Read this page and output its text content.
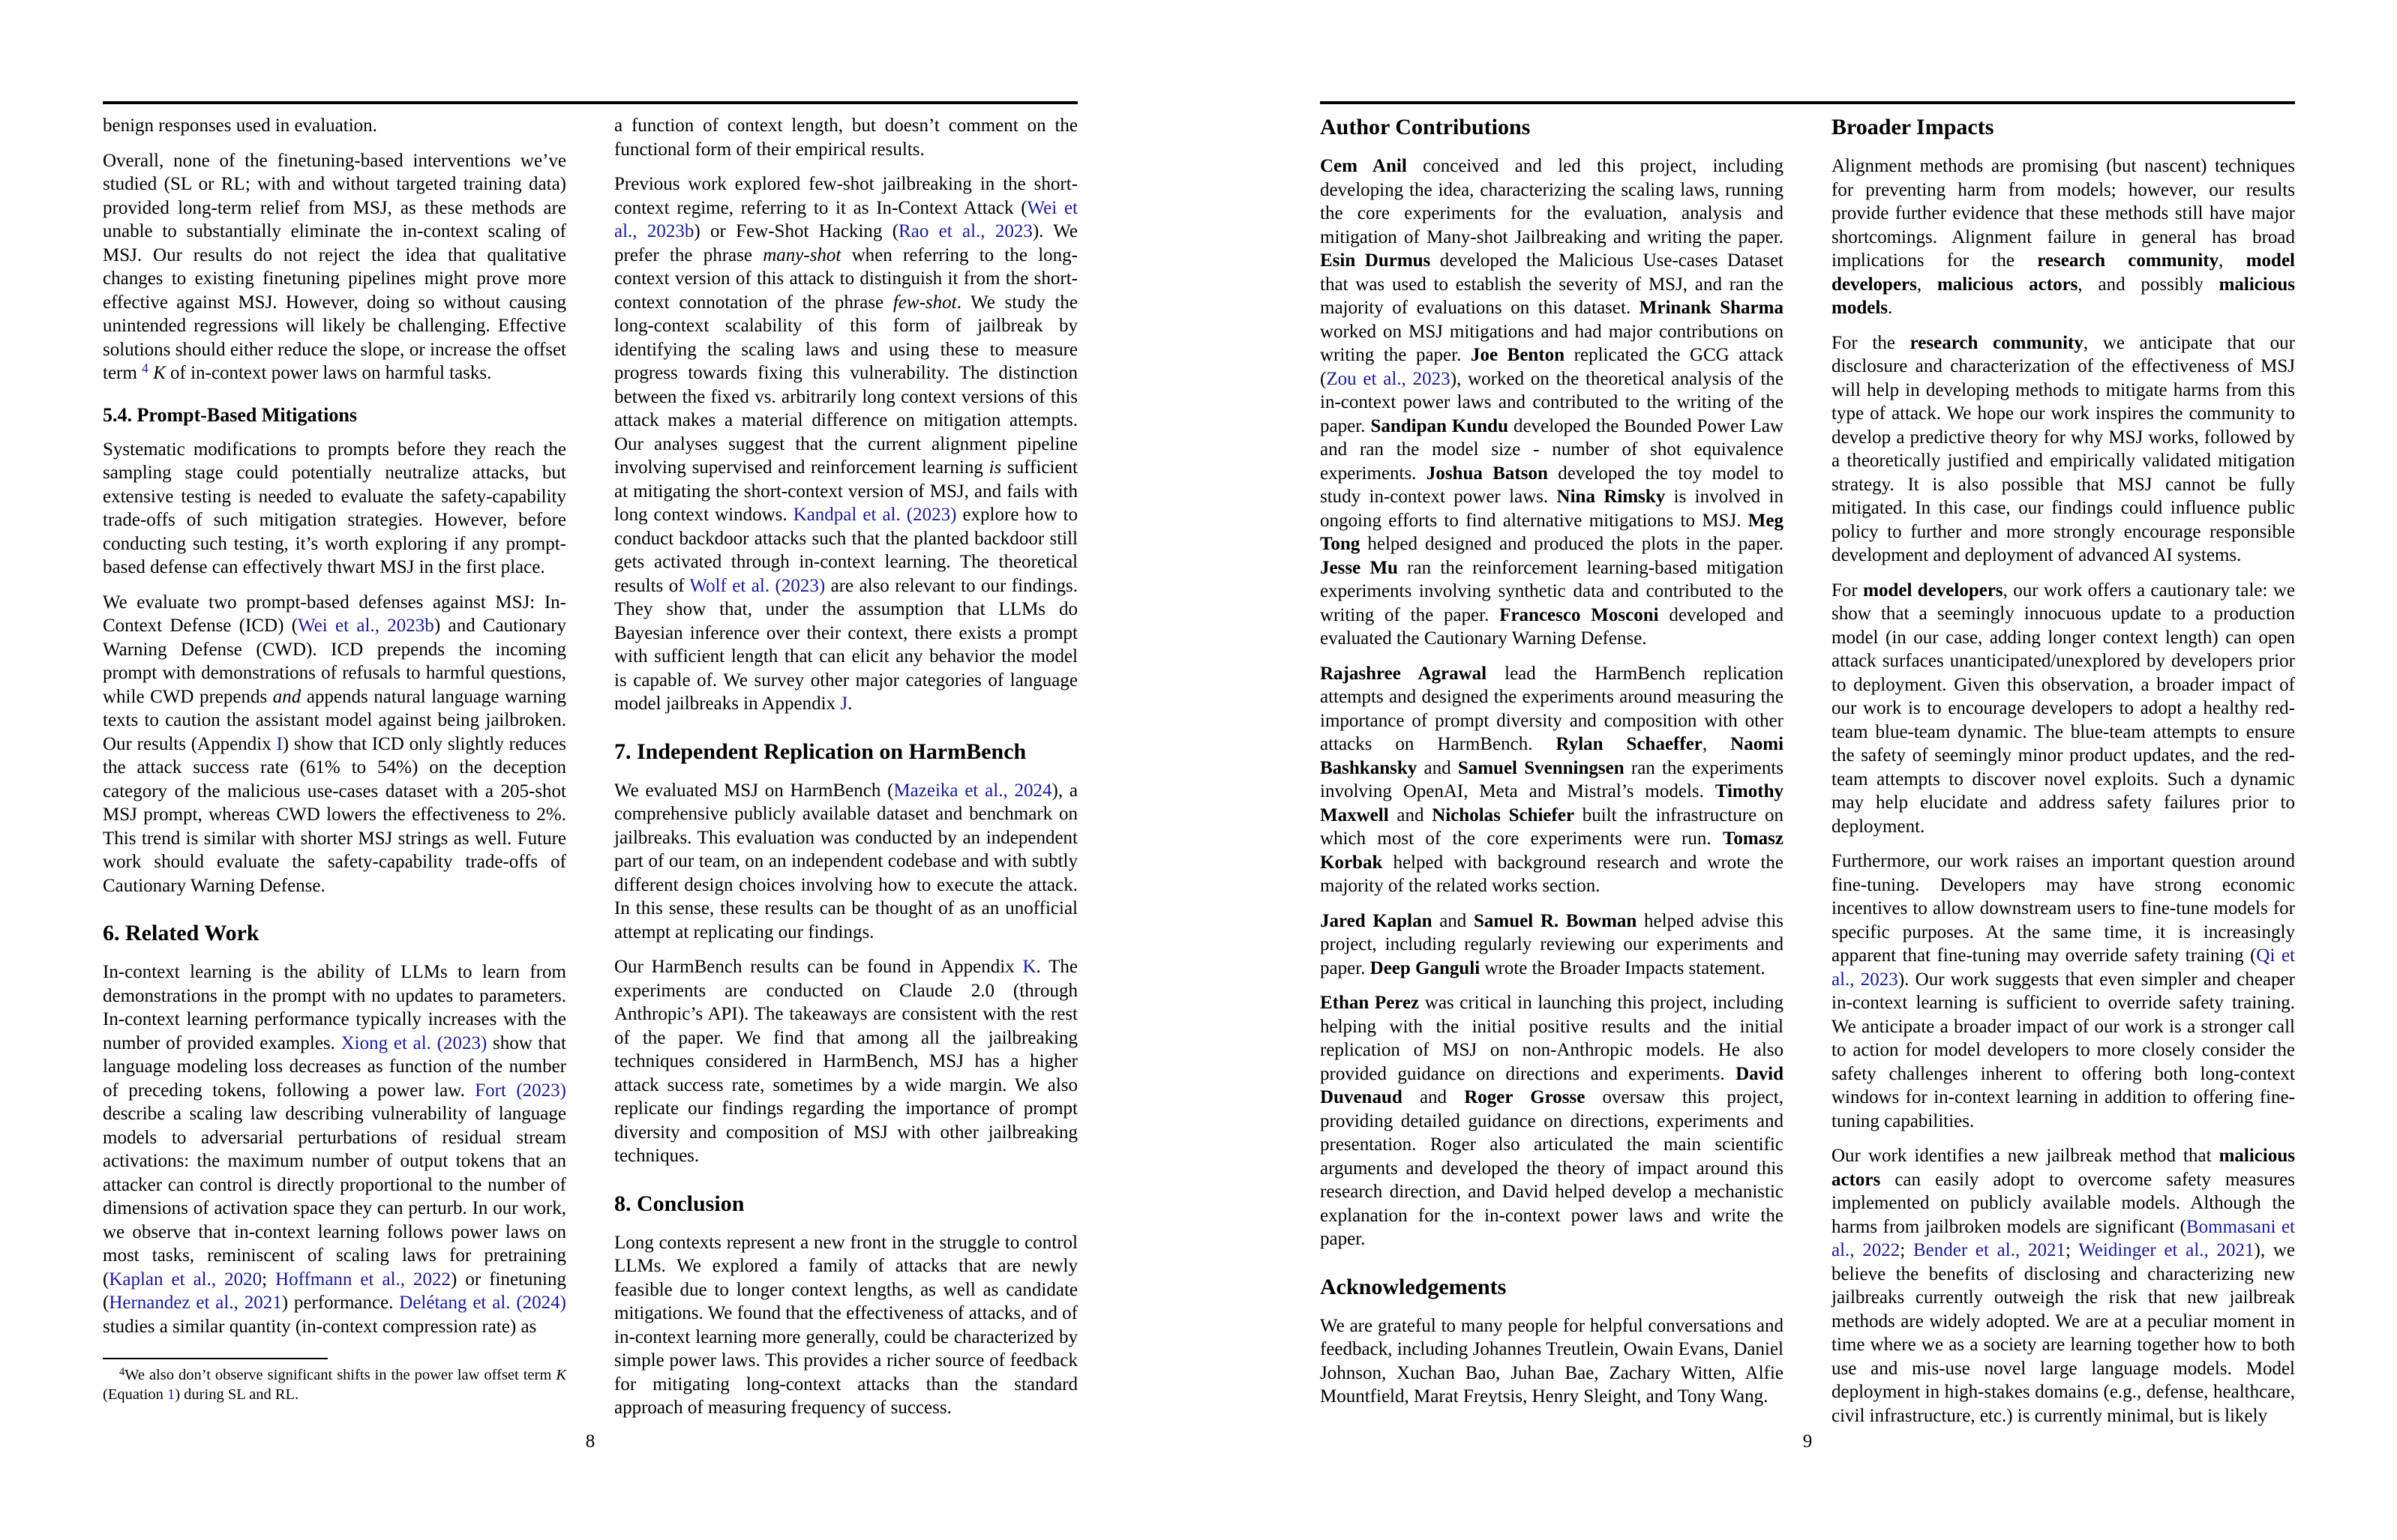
benign responses used in evaluation.

Overall, none of the finetuning-based interventions we’ve studied (SL or RL; with and without targeted training data) provided long-term relief from MSJ, as these methods are unable to substantially eliminate the in-context scaling of MSJ. Our results do not reject the idea that qualitative changes to existing finetuning pipelines might prove more effective against MSJ. However, doing so without causing unintended regressions will likely be challenging. Effective solutions should either reduce the slope, or increase the offset term $^4$ K of in-context power laws on harmful tasks.

5.4. Prompt-Based Mitigations

Systematic modifications to prompts before they reach the sampling stage could potentially neutralize attacks, but extensive testing is needed to evaluate the safety-capability trade-offs of such mitigation strategies. However, before conducting such testing, it’s worth exploring if any prompt-based defense can effectively thwart MSJ in the first place.

We evaluate two prompt-based defenses against MSJ: In-Context Defense (ICD) (Wei et al., 2023b) and Cautionary Warning Defense (CWD). ICD prepends the incoming prompt with demonstrations of refusals to harmful questions, while CWD prepends and appends natural language warning texts to caution the assistant model against being jailbroken. Our results (Appendix I) show that ICD only slightly reduces the attack success rate (61% to 54%) on the deception category of the malicious use-cases dataset with a 205-shot MSJ prompt, whereas CWD lowers the effectiveness to 2%. This trend is similar with shorter MSJ strings as well. Future work should evaluate the safety-capability trade-offs of Cautionary Warning Defense.

6. Related Work

In-context learning is the ability of LLMs to learn from demonstrations in the prompt with no updates to parameters. In-context learning performance typically increases with the number of provided examples. Xiong et al. (2023) show that language modeling loss decreases as function of the number of preceding tokens, following a power law. Fort (2023) describe a scaling law describing vulnerability of language models to adversarial perturbations of residual stream activations: the maximum number of output tokens that an attacker can control is directly proportional to the number of dimensions of activation space they can perturb. In our work, we observe that in-context learning follows power laws on most tasks, reminiscent of scaling laws for pretraining (Kaplan et al., 2020; Hoffmann et al., 2022) or finetuning (Hernandez et al., 2021) performance. Delétang et al. (2024) studies a similar quantity (in-context compression rate) as

$^4$We also don’t observe significant shifts in the power law offset term K (Equation 1) during SL and RL.

a function of context length, but doesn’t comment on the functional form of their empirical results.

Previous work explored few-shot jailbreaking in the short-context regime, referring to it as In-Context Attack (Wei et al., 2023b) or Few-Shot Hacking (Rao et al., 2023). We prefer the phrase many-shot when referring to the long-context version of this attack to distinguish it from the short-context connotation of the phrase few-shot. We study the long-context scalability of this form of jailbreak by identifying the scaling laws and using these to measure progress towards fixing this vulnerability. The distinction between the fixed vs. arbitrarily long context versions of this attack makes a material difference on mitigation attempts. Our analyses suggest that the current alignment pipeline involving supervised and reinforcement learning is sufficient at mitigating the short-context version of MSJ, and fails with long context windows. Kandpal et al. (2023) explore how to conduct backdoor attacks such that the planted backdoor still gets activated through in-context learning. The theoretical results of Wolf et al. (2023) are also relevant to our findings. They show that, under the assumption that LLMs do Bayesian inference over their context, there exists a prompt with sufficient length that can elicit any behavior the model is capable of. We survey other major categories of language model jailbreaks in Appendix J.

7. Independent Replication on HarmBench

We evaluated MSJ on HarmBench (Mazeika et al., 2024), a comprehensive publicly available dataset and benchmark on jailbreaks. This evaluation was conducted by an independent part of our team, on an independent codebase and with subtly different design choices involving how to execute the attack. In this sense, these results can be thought of as an unofficial attempt at replicating our findings.

Our HarmBench results can be found in Appendix K. The experiments are conducted on Claude 2.0 (through Anthropic’s API). The takeaways are consistent with the rest of the paper. We find that among all the jailbreaking techniques considered in HarmBench, MSJ has a higher attack success rate, sometimes by a wide margin. We also replicate our findings regarding the importance of prompt diversity and composition of MSJ with other jailbreaking techniques.

8. Conclusion

Long contexts represent a new front in the struggle to control LLMs. We explored a family of attacks that are newly feasible due to longer context lengths, as well as candidate mitigations. We found that the effectiveness of attacks, and of in-context learning more generally, could be characterized by simple power laws. This provides a richer source of feedback for mitigating long-context attacks than the standard approach of measuring frequency of success.

8
Author Contributions

Cem Anil conceived and led this project, including developing the idea, characterizing the scaling laws, running the core experiments for the evaluation, analysis and mitigation of Many-shot Jailbreaking and writing the paper. Esin Durmus developed the Malicious Use-cases Dataset that was used to establish the severity of MSJ, and ran the majority of evaluations on this dataset. Mrinank Sharma worked on MSJ mitigations and had major contributions on writing the paper. Joe Benton replicated the GCG attack (Zou et al., 2023), worked on the theoretical analysis of the in-context power laws and contributed to the writing of the paper. Sandipan Kundu developed the Bounded Power Law and ran the model size - number of shot equivalence experiments. Joshua Batson developed the toy model to study in-context power laws. Nina Rimsky is involved in ongoing efforts to find alternative mitigations to MSJ. Meg Tong helped designed and produced the plots in the paper. Jesse Mu ran the reinforcement learning-based mitigation experiments involving synthetic data and contributed to the writing of the paper. Francesco Mosconi developed and evaluated the Cautionary Warning Defense.

Rajashree Agrawal lead the HarmBench replication attempts and designed the experiments around measuring the importance of prompt diversity and composition with other attacks on HarmBench. Rylan Schaeffer, Naomi Bashkansky and Samuel Svenningsen ran the experiments involving OpenAI, Meta and Mistral’s models. Timothy Maxwell and Nicholas Schiefer built the infrastructure on which most of the core experiments were run. Tomasz Korbak helped with background research and wrote the majority of the related works section.

Jared Kaplan and Samuel R. Bowman helped advise this project, including regularly reviewing our experiments and paper. Deep Ganguli wrote the Broader Impacts statement.

Ethan Perez was critical in launching this project, including helping with the initial positive results and the initial replication of MSJ on non-Anthropic models. He also provided guidance on directions and experiments. David Duvenaud and Roger Grosse oversaw this project, providing detailed guidance on directions, experiments and presentation. Roger also articulated the main scientific arguments and developed the theory of impact around this research direction, and David helped develop a mechanistic explanation for the in-context power laws and write the paper.

Acknowledgements

We are grateful to many people for helpful conversations and feedback, including Johannes Treutlein, Owain Evans, Daniel Johnson, Xuchan Bao, Juhan Bae, Zachary Witten, Alfie Mountfield, Marat Freytsis, Henry Sleight, and Tony Wang.

Broader Impacts

Alignment methods are promising (but nascent) techniques for preventing harm from models; however, our results provide further evidence that these methods still have major shortcomings. Alignment failure in general has broad implications for the research community, model developers, malicious actors, and possibly malicious models.

For the research community, we anticipate that our disclosure and characterization of the effectiveness of MSJ will help in developing methods to mitigate harms from this type of attack. We hope our work inspires the community to develop a predictive theory for why MSJ works, followed by a theoretically justified and empirically validated mitigation strategy. It is also possible that MSJ cannot be fully mitigated. In this case, our findings could influence public policy to further and more strongly encourage responsible development and deployment of advanced AI systems.

For model developers, our work offers a cautionary tale: we show that a seemingly innocuous update to a production model (in our case, adding longer context length) can open attack surfaces unanticipated/unexplored by developers prior to deployment. Given this observation, a broader impact of our work is to encourage developers to adopt a healthy red-team blue-team dynamic. The blue-team attempts to ensure the safety of seemingly minor product updates, and the red-team attempts to discover novel exploits. Such a dynamic may help elucidate and address safety failures prior to deployment.

Furthermore, our work raises an important question around fine-tuning. Developers may have strong economic incentives to allow downstream users to fine-tune models for specific purposes. At the same time, it is increasingly apparent that fine-tuning may override safety training (Qi et al., 2023). Our work suggests that even simpler and cheaper in-context learning is sufficient to override safety training. We anticipate a broader impact of our work is a stronger call to action for model developers to more closely consider the safety challenges inherent to offering both long-context windows for in-context learning in addition to offering fine-tuning capabilities.

Our work identifies a new jailbreak method that malicious actors can easily adopt to overcome safety measures implemented on publicly available models. Although the harms from jailbroken models are significant (Bommasani et al., 2022; Bender et al., 2021; Weidinger et al., 2021), we believe the benefits of disclosing and characterizing new jailbreaks currently outweigh the risk that new jailbreak methods are widely adopted. We are at a peculiar moment in time where we as a society are learning together how to both use and mis-use novel large language models. Model deployment in high-stakes domains (e.g., defense, healthcare, civil infrastructure, etc.) is currently minimal, but is likely

9
